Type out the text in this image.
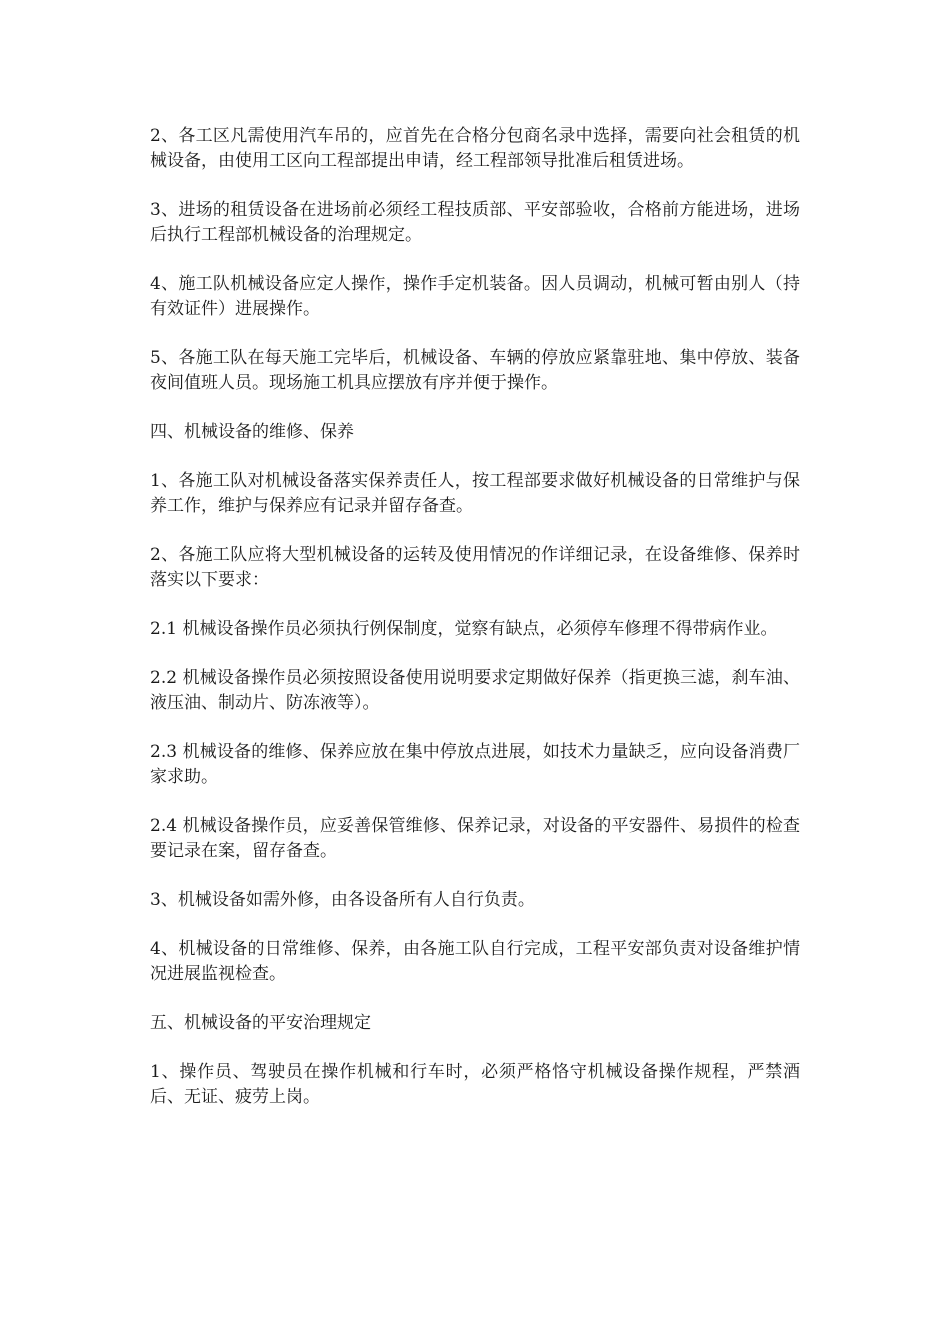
2、各工区凡需使用汽车吊的，应首先在合格分包商名录中选择，需要向社会租赁的机械设备，由使用工区向工程部提出申请，经工程部领导批准后租赁进场。

3、进场的租赁设备在进场前必须经工程技质部、平安部验收，合格前方能进场，进场后执行工程部机械设备的治理规定。

4、施工队机械设备应定人操作，操作手定机装备。因人员调动，机械可暂由别人（持有效证件）进展操作。

5、各施工队在每天施工完毕后，机械设备、车辆的停放应紧靠驻地、集中停放、装备夜间值班人员。现场施工机具应摆放有序并便于操作。

四、机械设备的维修、保养

1、各施工队对机械设备落实保养责任人，按工程部要求做好机械设备的日常维护与保养工作，维护与保养应有记录并留存备查。

2、各施工队应将大型机械设备的运转及使用情况的作详细记录，在设备维修、保养时落实以下要求：

2.1 机械设备操作员必须执行例保制度，觉察有缺点，必须停车修理不得带病作业。

2.2 机械设备操作员必须按照设备使用说明要求定期做好保养（指更换三滤，刹车油、液压油、制动片、防冻液等）。

2.3 机械设备的维修、保养应放在集中停放点进展，如技术力量缺乏，应向设备消费厂家求助。

2.4 机械设备操作员，应妥善保管维修、保养记录，对设备的平安器件、易损件的检查要记录在案，留存备查。

3、机械设备如需外修，由各设备所有人自行负责。

4、机械设备的日常维修、保养，由各施工队自行完成，工程平安部负责对设备维护情况进展监视检查。

五、机械设备的平安治理规定

1、操作员、驾驶员在操作机械和行车时，必须严格恪守机械设备操作规程，严禁酒后、无证、疲劳上岗。
